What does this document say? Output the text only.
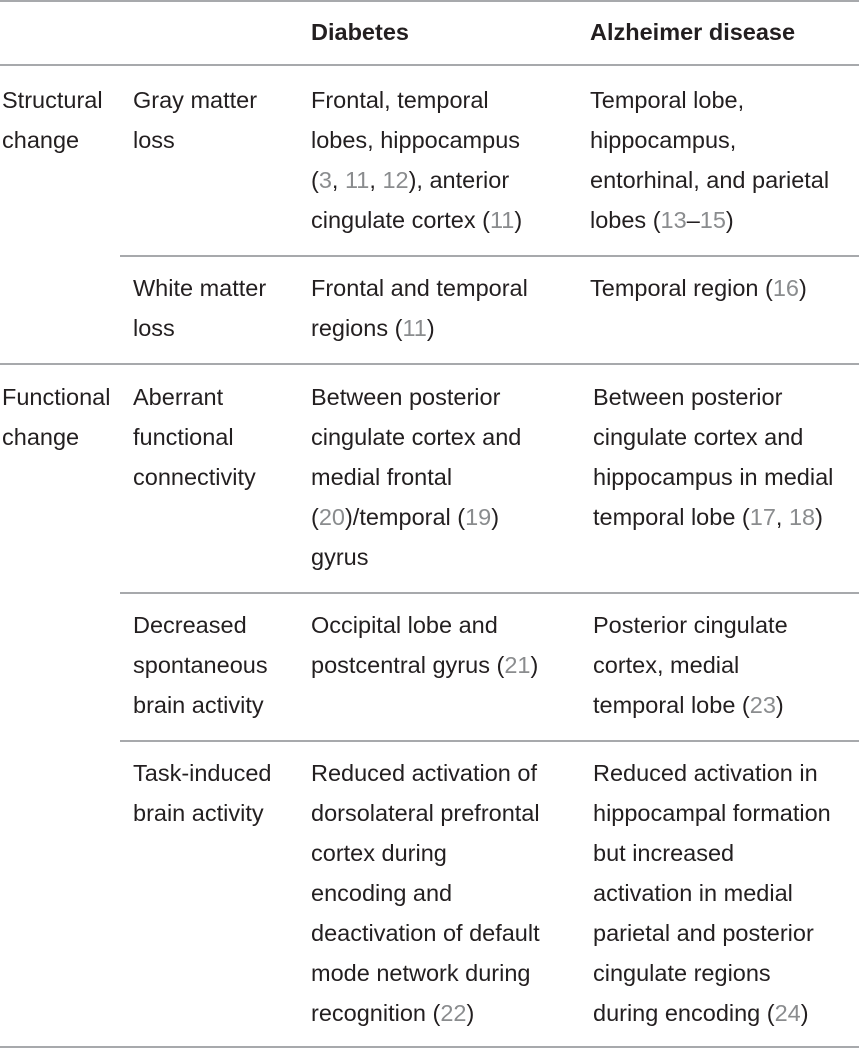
Diabetes	Alzheimer disease
Structural
change
Gray matter
loss
Frontal, temporal
lobes, hippocampus
(3, 11, 12), anterior
cingulate cortex (11)
Temporal lobe,
hippocampus,
entorhinal, and parietal
lobes (13–15)
White matter
loss
Frontal and temporal
regions (11)
Temporal region (16)
Functional
change
Aberrant
functional
connectivity
Between posterior
cingulate cortex and
medial frontal
(20)/temporal (19)
gyrus
Between posterior
cingulate cortex and
hippocampus in medial
temporal lobe (17, 18)
Decreased
spontaneous
brain activity
Occipital lobe and
postcentral gyrus (21)
Posterior cingulate
cortex, medial
temporal lobe (23)
Task-induced
brain activity
Reduced activation of
dorsolateral prefrontal
cortex during
encoding and
deactivation of default
mode network during
recognition (22)
Reduced activation in
hippocampal formation
but increased
activation in medial
parietal and posterior
cingulate regions
during encoding (24)
